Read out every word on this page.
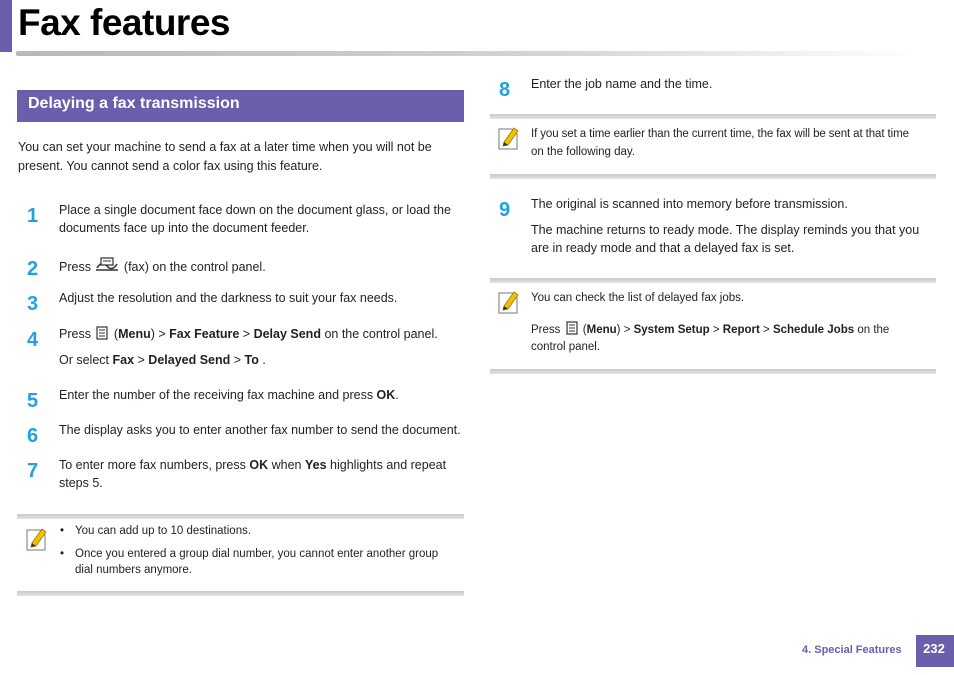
Fax features
Delaying a fax transmission
You can set your machine to send a fax at a later time when you will not be
present. You cannot send a color fax using this feature.
1 Place a single document face down on the document glass, or load the
documents face up into the document feeder.
2 Press	(fax) on the control panel.
3 Adjust the resolution and the darkness to suit your fax needs.
4 Press  (Menu) > Fax Feature > Delay Send on the control panel.
Or select Fax > Delayed Send > To .
5 Enter the number of the receiving fax machine and press OK.
6 The display asks you to enter another fax number to send the document.
7 To enter more fax numbers, press OK when Yes highlights and repeat
steps 5.
• You can add up to 10 destinations.
• Once you entered a group dial number, you cannot enter another group
dial numbers anymore.
8 Enter the job name and the time.
If you set a time earlier than the current time, the fax will be sent at that time
on the following day.
9 The original is scanned into memory before transmission.
The machine returns to ready mode. The display reminds you that you
are in ready mode and that a delayed fax is set.
You can check the list of delayed fax jobs.
Press  (Menu) > System Setup > Report > Schedule Jobs on the
control panel.
4. Special Features	232
